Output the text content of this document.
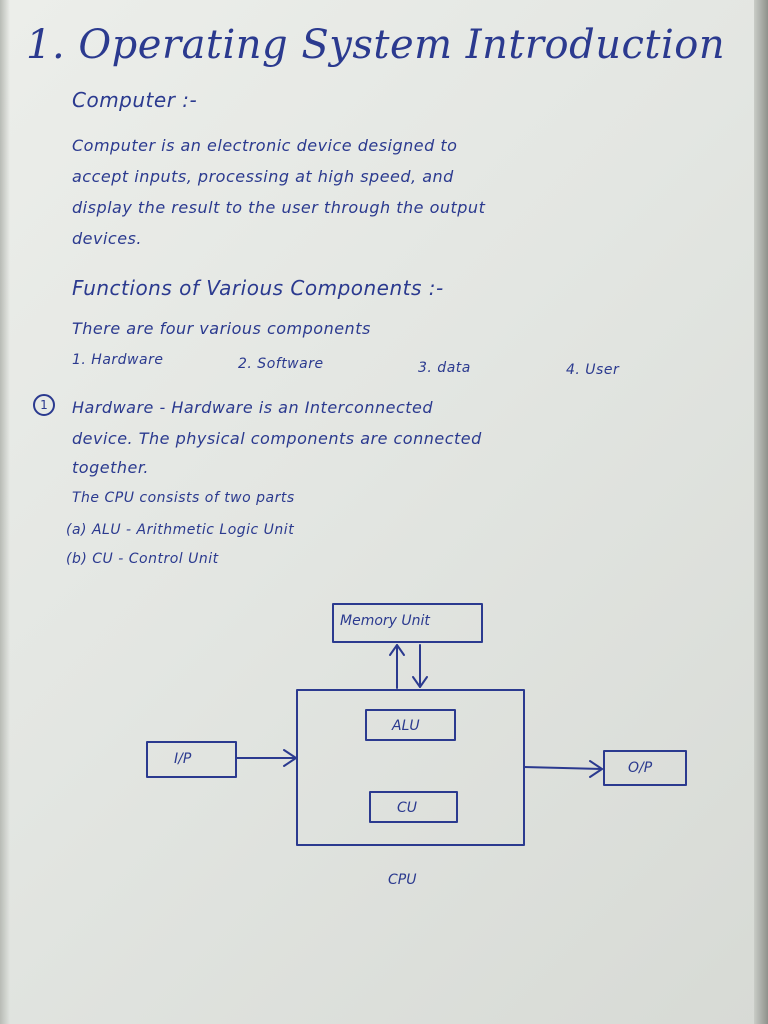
1. Operating System Introduction
Computer :-
Computer is an electronic device designed to
accept inputs, processing at high speed, and
display the result to the user through the output
devices.
Functions of Various Components :-
There are four various components
1. Hardware	2. Software	3. data	4. User
1	Hardware - Hardware is an Interconnected
device. The physical components are connected
together.
The CPU consists of two parts
(a) ALU - Arithmetic Logic Unit
(b) CU - Control Unit
Memory Unit
ALU
CU
I/P
O/P
CPU
